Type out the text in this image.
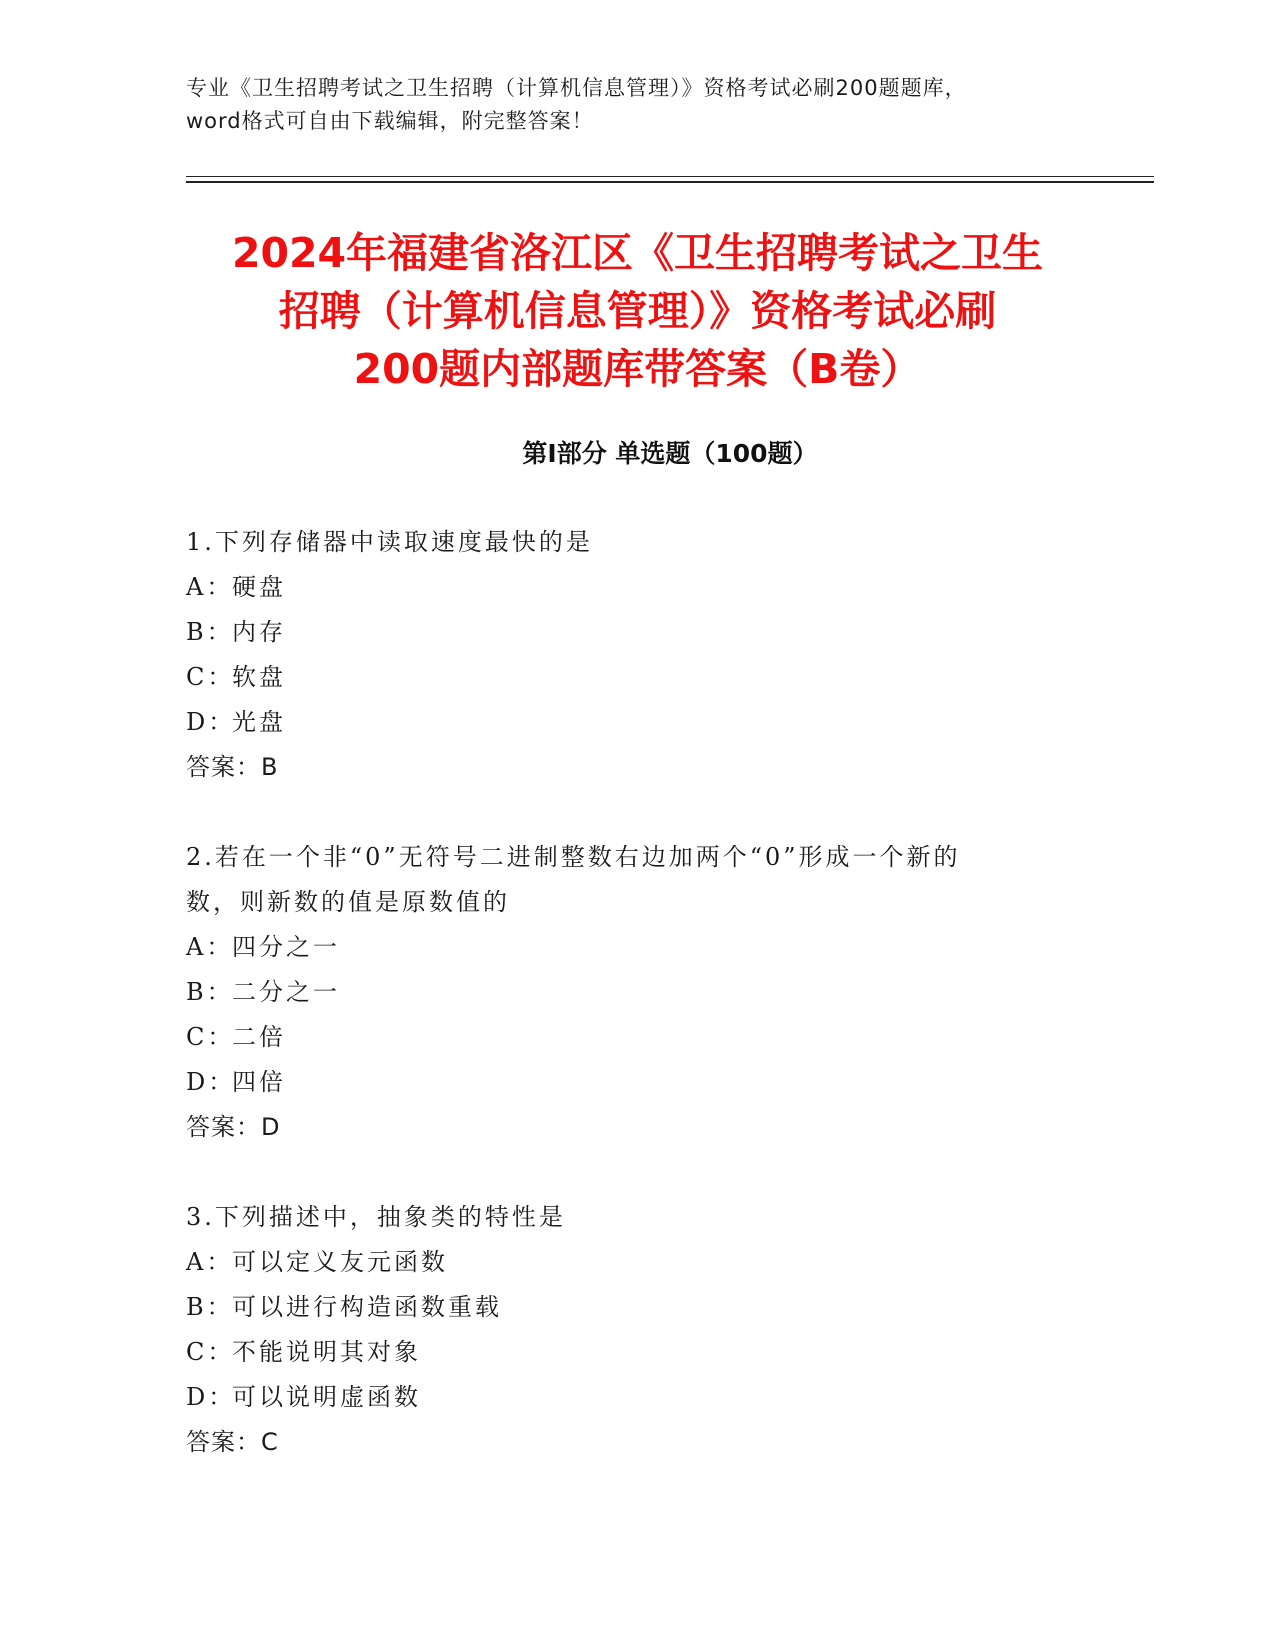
专业《卫生招聘考试之卫生招聘（计算机信息管理）》资格考试必刷200题题库，
word格式可自由下载编辑，附完整答案！
2024年福建省洛江区《卫生招聘考试之卫生
招聘（计算机信息管理）》资格考试必刷
200题内部题库带答案（B卷）
第Ⅰ部分 单选题（100题）
1.下列存储器中读取速度最快的是
A：硬盘
B：内存
C：软盘
D：光盘
答案：B
2.若在一个非“0”无符号二进制整数右边加两个“0”形成一个新的
数，则新数的值是原数值的
A：四分之一
B：二分之一
C：二倍
D：四倍
答案：D
3.下列描述中，抽象类的特性是
A：可以定义友元函数
B：可以进行构造函数重载
C：不能说明其对象
D：可以说明虚函数
答案：C
